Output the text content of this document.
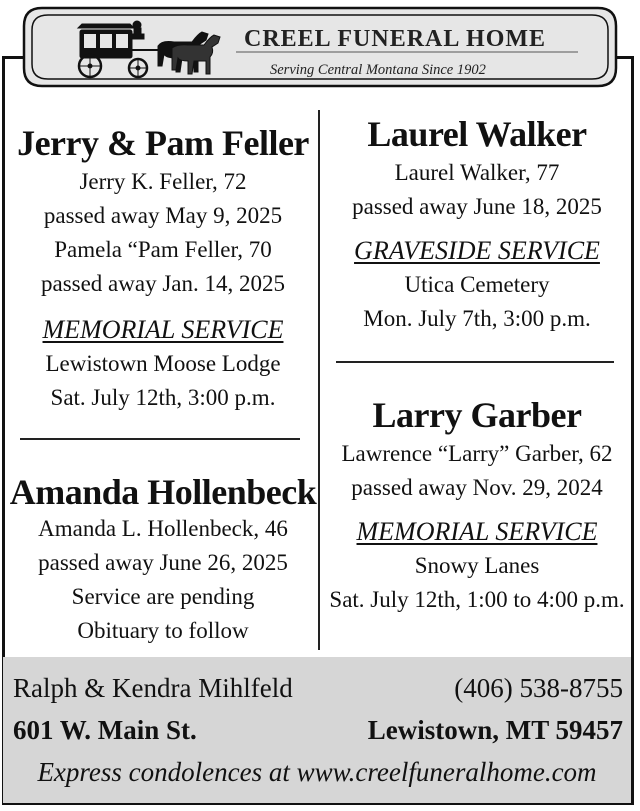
CREEL FUNERAL HOME
Serving Central Montana Since 1902
Jerry & Pam Feller
Jerry K. Feller, 72
passed away May 9, 2025
Pamela “Pam Feller, 70
passed away Jan. 14, 2025
MEMORIAL SERVICE
Lewistown Moose Lodge
Sat. July 12th, 3:00 p.m.
Amanda Hollenbeck
Amanda L. Hollenbeck, 46
passed away June 26, 2025
Service are pending
Obituary to follow
Laurel Walker
Laurel Walker, 77
passed away June 18, 2025
GRAVESIDE SERVICE
Utica Cemetery
Mon. July 7th, 3:00 p.m.
Larry Garber
Lawrence “Larry” Garber, 62
passed away Nov. 29, 2024
MEMORIAL SERVICE
Snowy Lanes
Sat. July 12th, 1:00 to 4:00 p.m.
Ralph & Kendra Mihlfeld	(406) 538-8755
601 W. Main St.	Lewistown, MT 59457
Express condolences at www.creelfuneralhome.com
